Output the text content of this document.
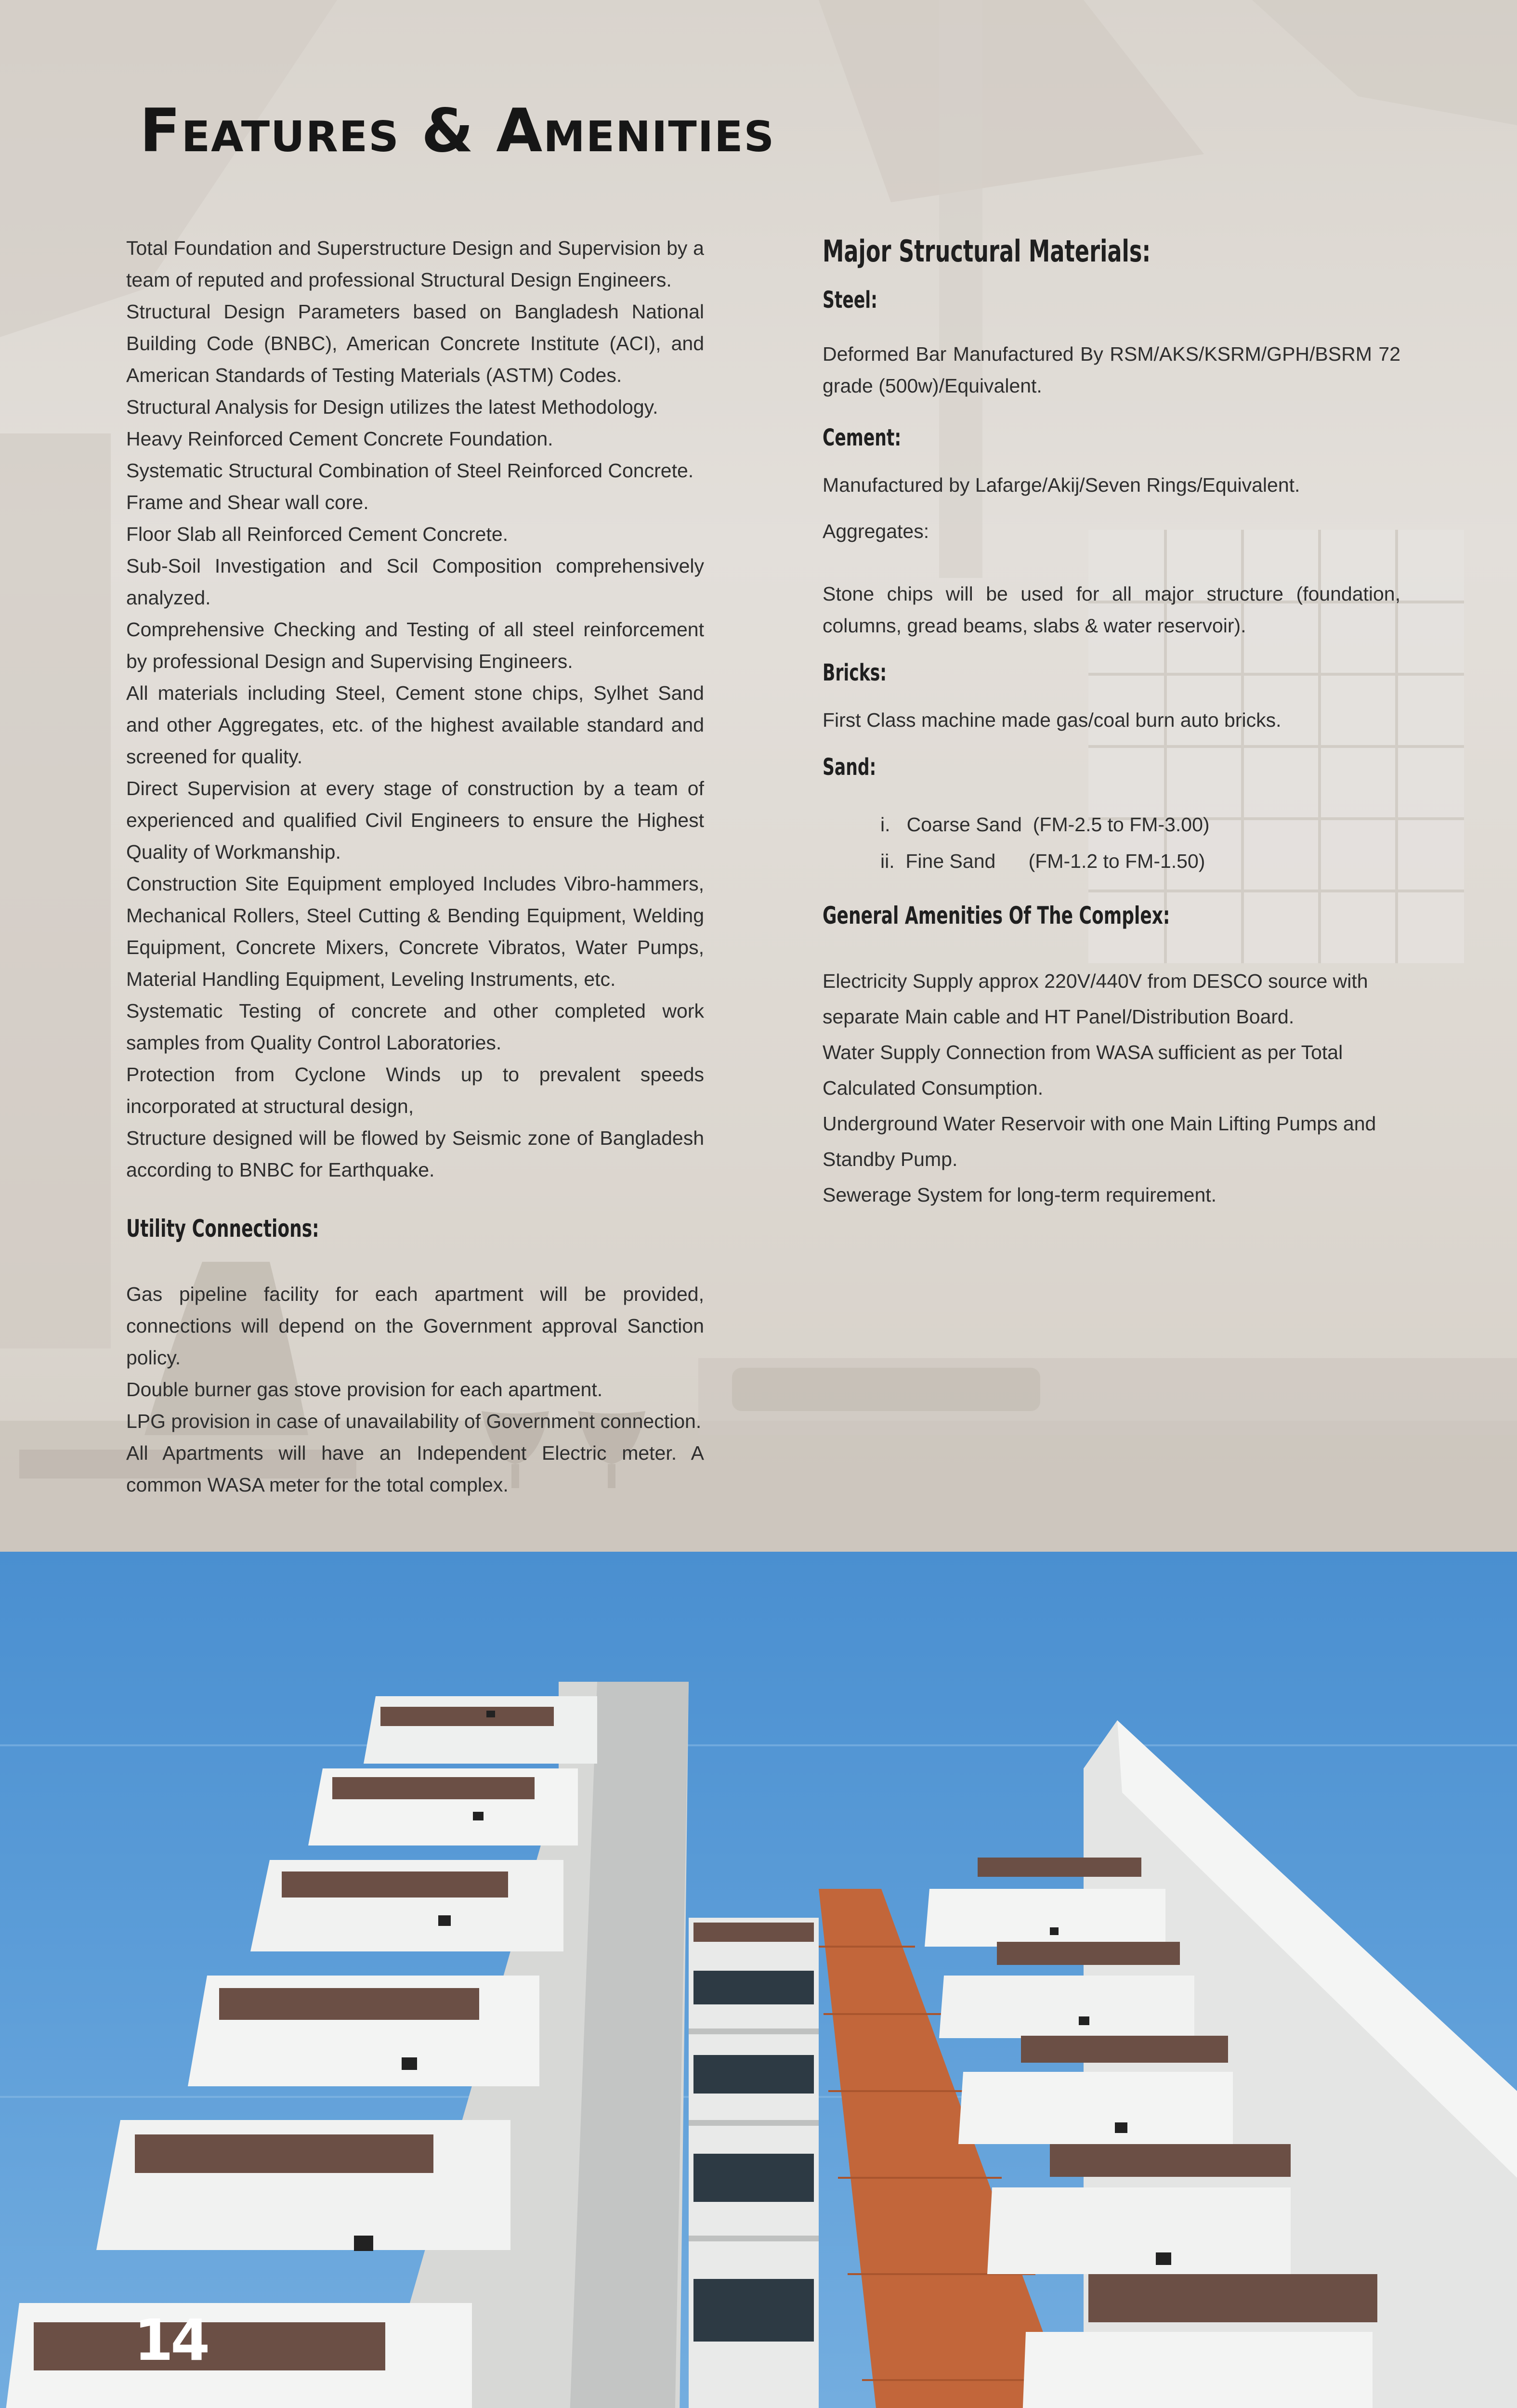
Features & Amenities

Total Foundation and Superstructure Design and Supervision by a team of reputed and professional Structural Design Engineers.

Structural Design Parameters based on Bangladesh National Building Code (BNBC), American Concrete Institute (ACI), and American Standards of Testing Materials (ASTM) Codes.

Structural Analysis for Design utilizes the latest Methodology.

Heavy Reinforced Cement Concrete Foundation.

Systematic Structural Combination of Steel Reinforced Concrete.

Frame and Shear wall core.

Floor Slab all Reinforced Cement Concrete.

Sub-Soil Investigation and Scil Composition comprehensively analyzed.

Comprehensive Checking and Testing of all steel reinforcement by professional Design and Supervising Engineers.

All materials including Steel, Cement stone chips, Sylhet Sand and other Aggregates, etc. of the highest available standard and screened for quality.

Direct Supervision at every stage of construction by a team of experienced and qualified Civil Engineers to ensure the Highest Quality of Workmanship.

Construction Site Equipment employed Includes Vibro-hammers, Mechanical Rollers, Steel Cutting & Bending Equipment, Welding Equipment, Concrete Mixers, Concrete Vibratos, Water Pumps, Material Handling Equipment, Leveling Instruments, etc.

Systematic Testing of concrete and other completed work samples from Quality Control Laboratories.

Protection from Cyclone Winds up to prevalent speeds incorporated at structural design,

Structure designed will be flowed by Seismic zone of Bangladesh according to BNBC for Earthquake.

Utility Connections:

Gas pipeline facility for each apartment will be provided, connections will depend on the Government approval Sanction policy.

Double burner gas stove provision for each apartment.

LPG provision in case of unavailability of Government connection.

All Apartments will have an Independent Electric meter. A common WASA meter for the total complex.

Major Structural Materials:

Steel:

Deformed Bar Manufactured By RSM/AKS/KSRM/GPH/BSRM 72 grade (500w)/Equivalent.

Cement:

Manufactured by Lafarge/Akij/Seven Rings/Equivalent.

Aggregates:

Stone chips will be used for all major structure (foundation, columns, gread beams, slabs & water reservoir).

Bricks:

First Class machine made gas/coal burn auto bricks.

Sand:

i.   Coarse Sand  (FM-2.5 to FM-3.00)
ii.  Fine Sand      (FM-1.2 to FM-1.50)

General Amenities Of The Complex:

Electricity Supply approx 220V/440V from DESCO source with separate Main cable and HT Panel/Distribution Board.

Water Supply Connection from WASA sufficient as per Total Calculated Consumption.

Underground Water Reservoir with one Main Lifting Pumps and Standby Pump.

Sewerage System for long-term requirement.

14
